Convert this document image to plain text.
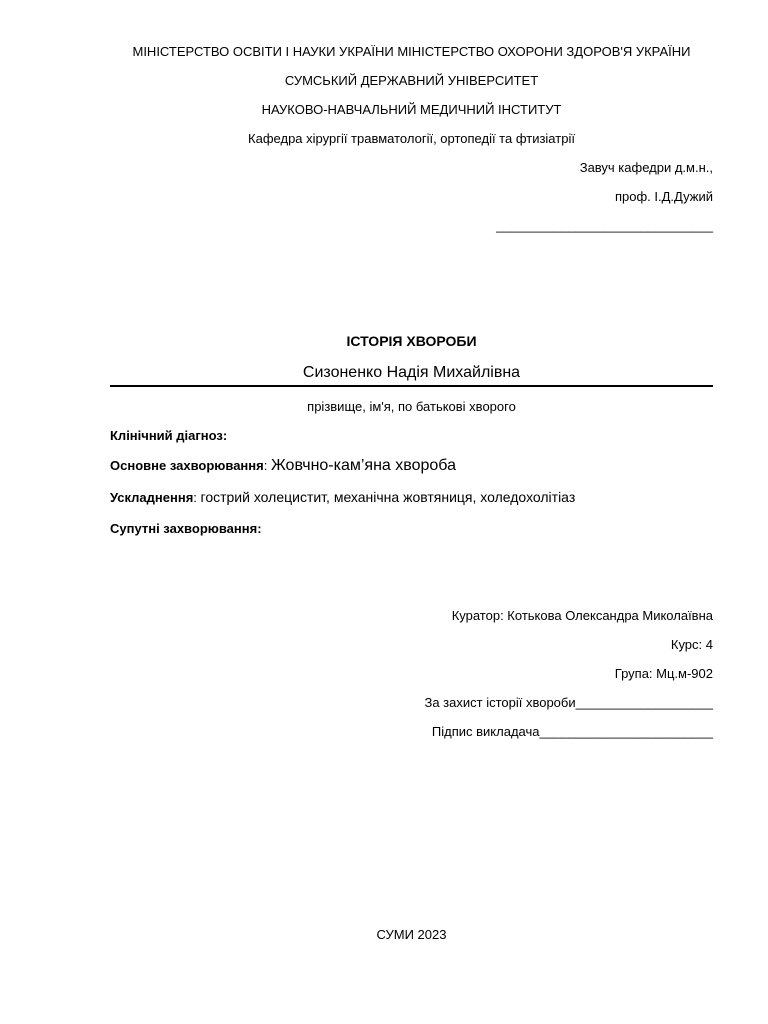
МІНІСТЕРСТВО ОСВІТИ І НАУКИ УКРАЇНИ МІНІСТЕРСТВО ОХОРОНИ ЗДОРОВ'Я УКРАЇНИ
СУМСЬКИЙ ДЕРЖАВНИЙ УНІВЕРСИТЕТ
НАУКОВО-НАВЧАЛЬНИЙ МЕДИЧНИЙ ІНСТИТУТ
Кафедра хірургії травматології, ортопедії та фтизіатрії
Завуч кафедри д.м.н.,
проф. І.Д.Дужий
______________________________
ІСТОРІЯ ХВОРОБИ
Сизоненко Надія Михайлівна
прізвище, ім'я, по батькові хворого
Клінічний діагноз:
Основне захворювання: Жовчно-кам’яна хвороба
Ускладнення: гострий холецистит, механічна жовтяниця, холедохолітіаз
Супутні захворювання:
Куратор: Котькова Олександра Миколаївна
Курс: 4
Група: Мц.м-902
За захист історії хвороби___________________
Підпис викладача________________________
СУМИ 2023
